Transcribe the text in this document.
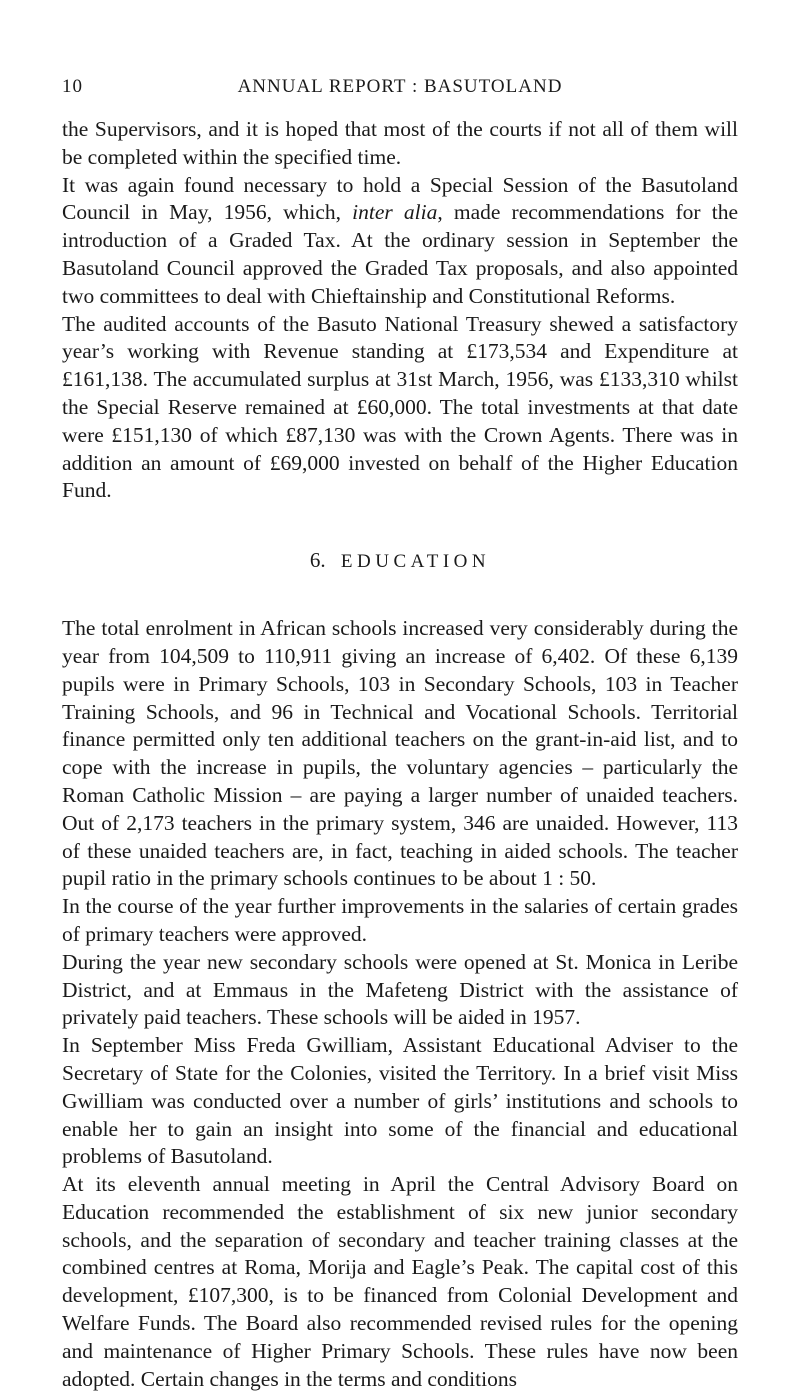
10	ANNUAL REPORT : BASUTOLAND

the Supervisors, and it is hoped that most of the courts if not all of them will be completed within the specified time.

It was again found necessary to hold a Special Session of the Basutoland Council in May, 1956, which, inter alia, made recommendations for the introduction of a Graded Tax. At the ordinary session in September the Basutoland Council approved the Graded Tax proposals, and also appointed two committees to deal with Chieftainship and Constitutional Reforms.

The audited accounts of the Basuto National Treasury shewed a satisfactory year’s working with Revenue standing at £173,534 and Expenditure at £161,138. The accumulated surplus at 31st March, 1956, was £133,310 whilst the Special Reserve remained at £60,000. The total investments at that date were £151,130 of which £87,130 was with the Crown Agents. There was in addition an amount of £69,000 invested on behalf of the Higher Education Fund.

6. EDUCATION

The total enrolment in African schools increased very considerably during the year from 104,509 to 110,911 giving an increase of 6,402. Of these 6,139 pupils were in Primary Schools, 103 in Secondary Schools, 103 in Teacher Training Schools, and 96 in Technical and Vocational Schools. Territorial finance permitted only ten additional teachers on the grant-in-aid list, and to cope with the increase in pupils, the voluntary agencies – particularly the Roman Catholic Mission – are paying a larger number of unaided teachers. Out of 2,173 teachers in the primary system, 346 are unaided. However, 113 of these unaided teachers are, in fact, teaching in aided schools. The teacher pupil ratio in the primary schools continues to be about 1 : 50.

In the course of the year further improvements in the salaries of certain grades of primary teachers were approved.

During the year new secondary schools were opened at St. Monica in Leribe District, and at Emmaus in the Mafeteng District with the assistance of privately paid teachers. These schools will be aided in 1957.

In September Miss Freda Gwilliam, Assistant Educational Adviser to the Secretary of State for the Colonies, visited the Territory. In a brief visit Miss Gwilliam was conducted over a number of girls’ institutions and schools to enable her to gain an insight into some of the financial and educational problems of Basutoland.

At its eleventh annual meeting in April the Central Advisory Board on Education recommended the establishment of six new junior secondary schools, and the separation of secondary and teacher training classes at the combined centres at Roma, Morija and Eagle’s Peak. The capital cost of this development, £107,300, is to be financed from Colonial Development and Welfare Funds. The Board also recommended revised rules for the opening and maintenance of Higher Primary Schools. These rules have now been adopted. Certain changes in the terms and conditions
